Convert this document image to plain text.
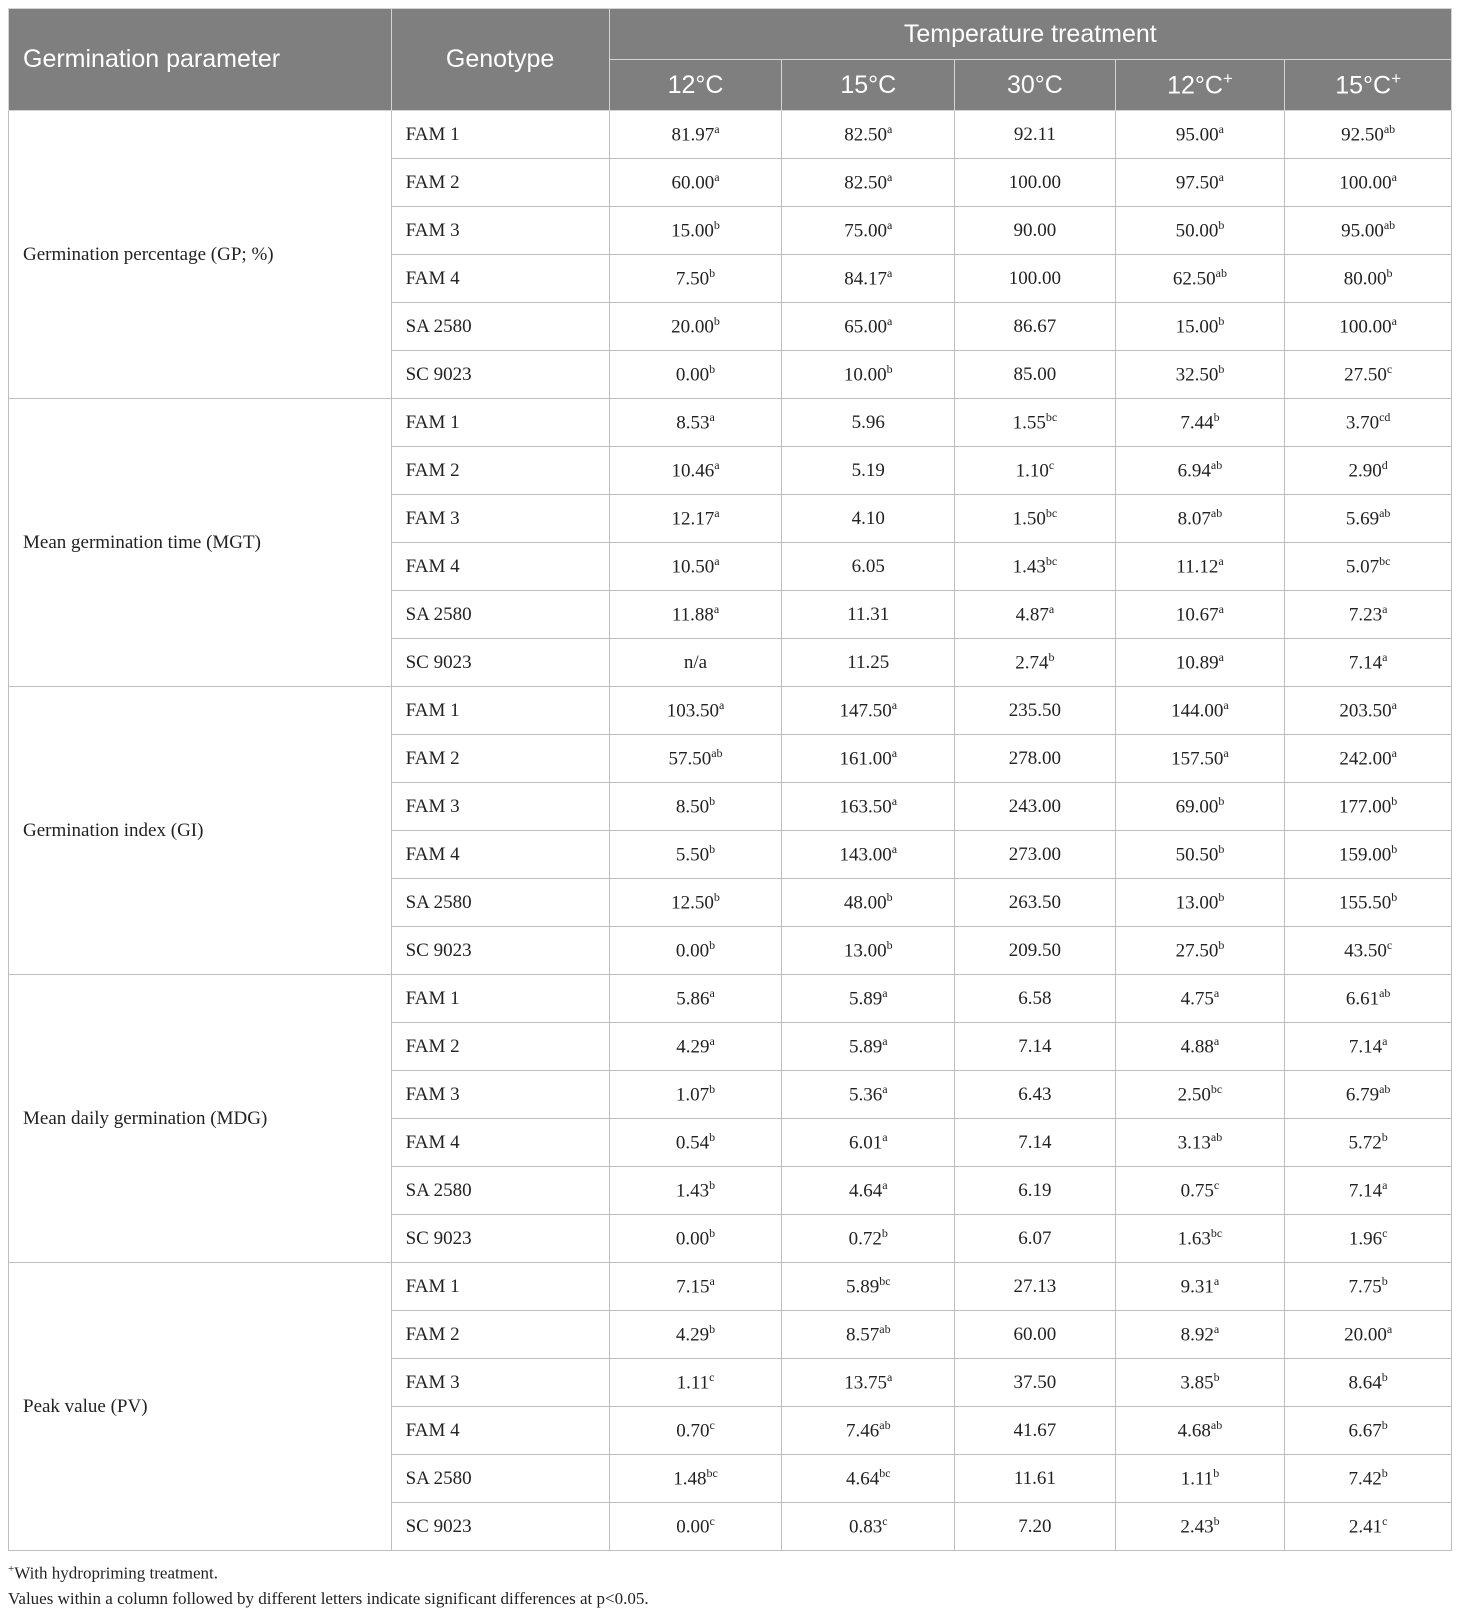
Germination parameter	Genotype	Temperature treatment				
		12°C	15°C	30°C	12°C+	15°C+
Germination percentage (GP; %)	FAM 1	81.97$^a$	82.50$^a$	92.11	95.00$^a$	92.50$^{ab}$
	FAM 2	60.00$^a$	82.50$^a$	100.00	97.50$^a$	100.00$^a$
	FAM 3	15.00$^b$	75.00$^a$	90.00	50.00$^b$	95.00$^{ab}$
	FAM 4	7.50$^b$	84.17$^a$	100.00	62.50$^{ab}$	80.00$^b$
	SA 2580	20.00$^b$	65.00$^a$	86.67	15.00$^b$	100.00$^a$
	SC 9023	0.00$^b$	10.00$^b$	85.00	32.50$^b$	27.50$^c$
Mean germination time (MGT)	FAM 1	8.53$^a$	5.96	1.55$^{bc}$	7.44$^b$	3.70$^{cd}$
	FAM 2	10.46$^a$	5.19	1.10$^c$	6.94$^{ab}$	2.90$^d$
	FAM 3	12.17$^a$	4.10	1.50$^{bc}$	8.07$^{ab}$	5.69$^{ab}$
	FAM 4	10.50$^a$	6.05	1.43$^{bc}$	11.12$^a$	5.07$^{bc}$
	SA 2580	11.88$^a$	11.31	4.87$^a$	10.67$^a$	7.23$^a$
	SC 9023	n/a	11.25	2.74$^b$	10.89$^a$	7.14$^a$
Germination index (GI)	FAM 1	103.50$^a$	147.50$^a$	235.50	144.00$^a$	203.50$^a$
	FAM 2	57.50$^{ab}$	161.00$^a$	278.00	157.50$^a$	242.00$^a$
	FAM 3	8.50$^b$	163.50$^a$	243.00	69.00$^b$	177.00$^b$
	FAM 4	5.50$^b$	143.00$^a$	273.00	50.50$^b$	159.00$^b$
	SA 2580	12.50$^b$	48.00$^b$	263.50	13.00$^b$	155.50$^b$
	SC 9023	0.00$^b$	13.00$^b$	209.50	27.50$^b$	43.50$^c$
Mean daily germination (MDG)	FAM 1	5.86$^a$	5.89$^a$	6.58	4.75$^a$	6.61$^{ab}$
	FAM 2	4.29$^a$	5.89$^a$	7.14	4.88$^a$	7.14$^a$
	FAM 3	1.07$^b$	5.36$^a$	6.43	2.50$^{bc}$	6.79$^{ab}$
	FAM 4	0.54$^b$	6.01$^a$	7.14	3.13$^{ab}$	5.72$^b$
	SA 2580	1.43$^b$	4.64$^a$	6.19	0.75$^c$	7.14$^a$
	SC 9023	0.00$^b$	0.72$^b$	6.07	1.63$^{bc}$	1.96$^c$
Peak value (PV)	FAM 1	7.15$^a$	5.89$^{bc}$	27.13	9.31$^a$	7.75$^b$
	FAM 2	4.29$^b$	8.57$^{ab}$	60.00	8.92$^a$	20.00$^a$
	FAM 3	1.11$^c$	13.75$^a$	37.50	3.85$^b$	8.64$^b$
	FAM 4	0.70$^c$	7.46$^{ab}$	41.67	4.68$^{ab}$	6.67$^b$
	SA 2580	1.48$^{bc}$	4.64$^{bc}$	11.61	1.11$^b$	7.42$^b$
	SC 9023	0.00$^c$	0.83$^c$	7.20	2.43$^b$	2.41$^c$
+With hydropriming treatment.
Values within a column followed by different letters indicate significant differences at p<0.05.
